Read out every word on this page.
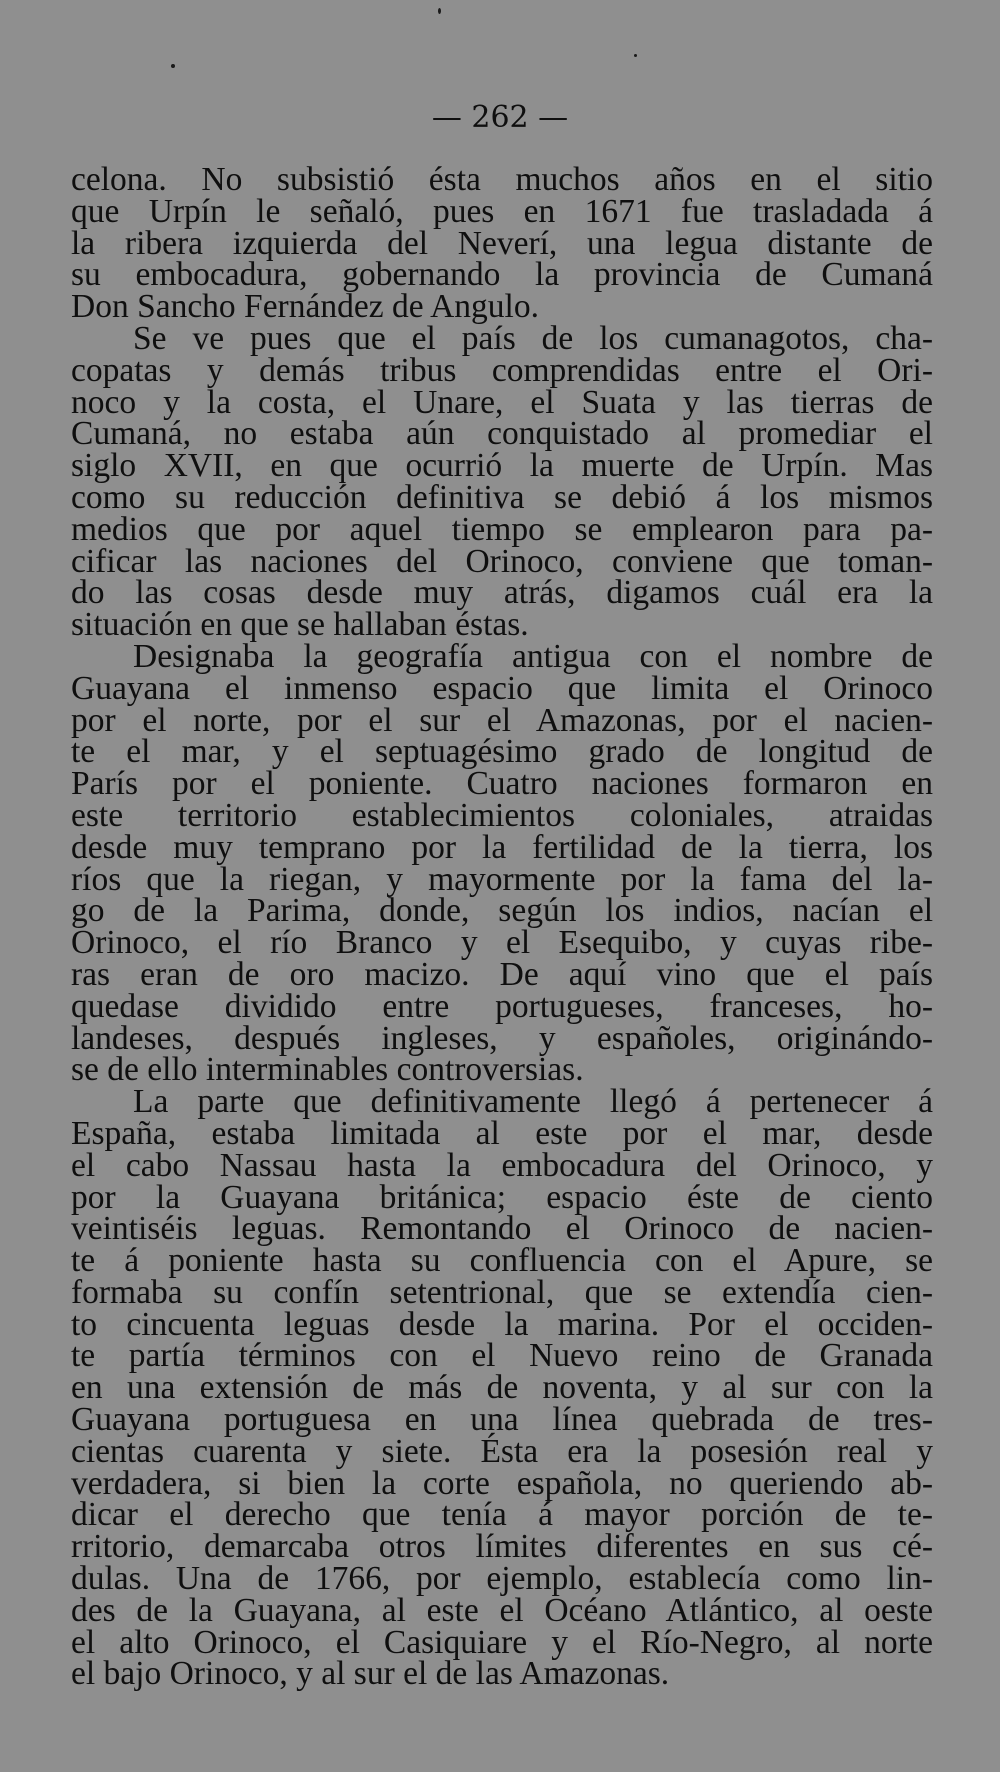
— 262 —

celona. No subsistió ésta muchos años en el sitio
que Urpín le señaló, pues en 1671 fue trasladada á
la ribera izquierda del Neverí, una legua distante de
su embocadura, gobernando la provincia de Cumaná
Don Sancho Fernández de Angulo.
Se ve pues que el país de los cumanagotos, cha-
copatas y demás tribus comprendidas entre el Ori-
noco y la costa, el Unare, el Suata y las tierras de
Cumaná, no estaba aún conquistado al promediar el
siglo XVII, en que ocurrió la muerte de Urpín. Mas
como su reducción definitiva se debió á los mismos
medios que por aquel tiempo se emplearon para pa-
cificar las naciones del Orinoco, conviene que toman-
do las cosas desde muy atrás, digamos cuál era la
situación en que se hallaban éstas.
Designaba la geografía antigua con el nombre de
Guayana el inmenso espacio que limita el Orinoco
por el norte, por el sur el Amazonas, por el nacien-
te el mar, y el septuagésimo grado de longitud de
París por el poniente. Cuatro naciones formaron en
este territorio establecimientos coloniales, atraidas
desde muy temprano por la fertilidad de la tierra, los
ríos que la riegan, y mayormente por la fama del la-
go de la Parima, donde, según los indios, nacían el
Orinoco, el río Branco y el Esequibo, y cuyas ribe-
ras eran de oro macizo. De aquí vino que el país
quedase dividido entre portugueses, franceses, ho-
landeses, después ingleses, y españoles, originándo-
se de ello interminables controversias.
La parte que definitivamente llegó á pertenecer á
España, estaba limitada al este por el mar, desde
el cabo Nassau hasta la embocadura del Orinoco, y
por la Guayana británica; espacio éste de ciento
veintiséis leguas. Remontando el Orinoco de nacien-
te á poniente hasta su confluencia con el Apure, se
formaba su confín setentrional, que se extendía cien-
to cincuenta leguas desde la marina. Por el occiden-
te partía términos con el Nuevo reino de Granada
en una extensión de más de noventa, y al sur con la
Guayana portuguesa en una línea quebrada de tres-
cientas cuarenta y siete. Ésta era la posesión real y
verdadera, si bien la corte española, no queriendo ab-
dicar el derecho que tenía á mayor porción de te-
rritorio, demarcaba otros límites diferentes en sus cé-
dulas. Una de 1766, por ejemplo, establecía como lin-
des de la Guayana, al este el Océano Atlántico, al oeste
el alto Orinoco, el Casiquiare y el Río-Negro, al norte
el bajo Orinoco, y al sur el de las Amazonas.
